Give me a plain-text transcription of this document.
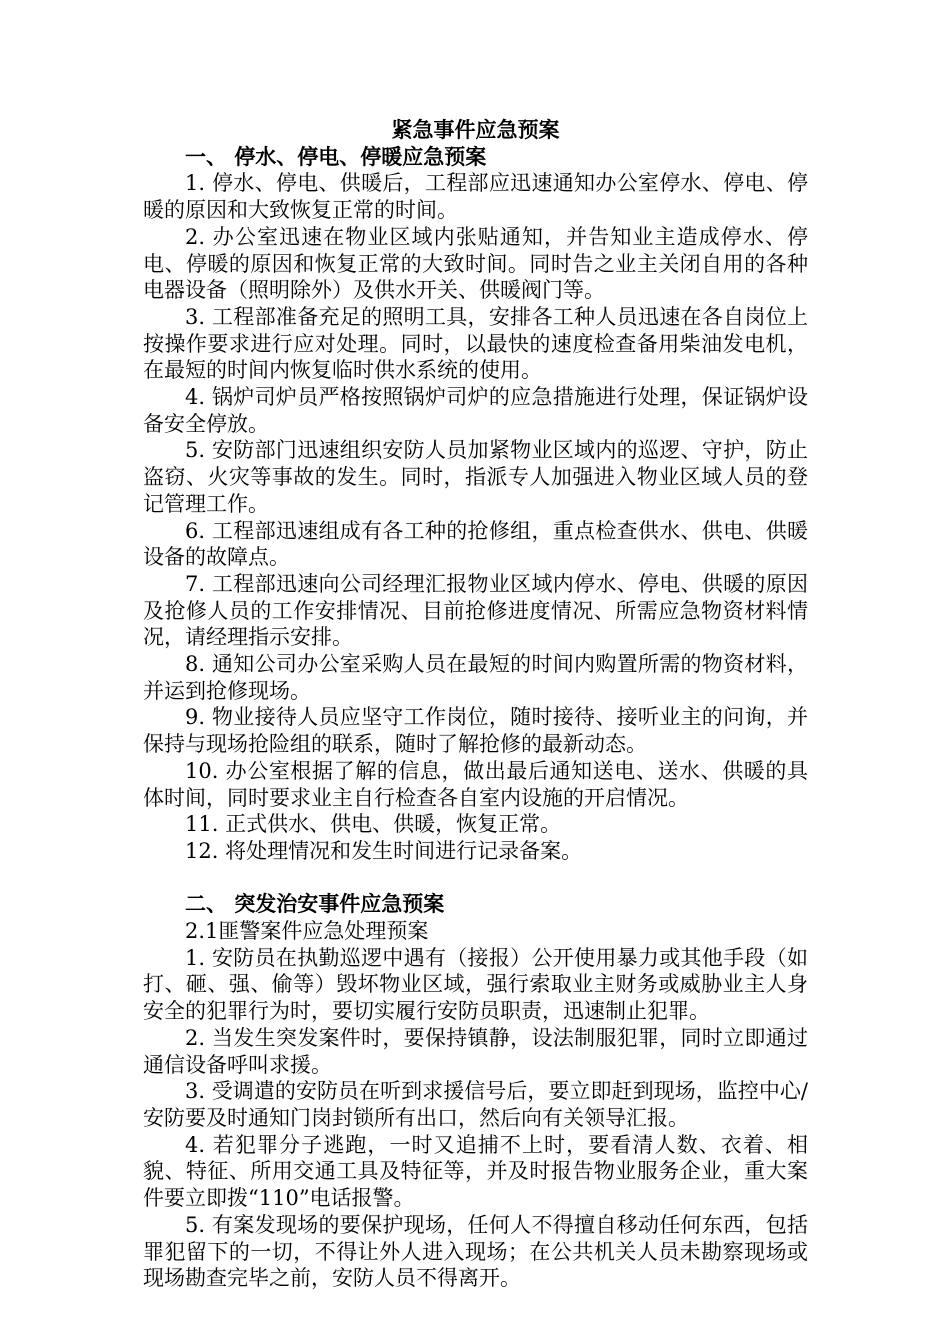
紧急事件应急预案

一、 停水、停电、停暖应急预案

1. 停水、停电、供暖后，工程部应迅速通知办公室停水、停电、停暖的原因和大致恢复正常的时间。

2. 办公室迅速在物业区域内张贴通知，并告知业主造成停水、停电、停暖的原因和恢复正常的大致时间。同时告之业主关闭自用的各种电器设备（照明除外）及供水开关、供暖阀门等。

3. 工程部准备充足的照明工具，安排各工种人员迅速在各自岗位上按操作要求进行应对处理。同时，以最快的速度检查备用柴油发电机，在最短的时间内恢复临时供水系统的使用。

4. 锅炉司炉员严格按照锅炉司炉的应急措施进行处理，保证锅炉设备安全停放。

5. 安防部门迅速组织安防人员加紧物业区域内的巡逻、守护，防止盗窃、火灾等事故的发生。同时，指派专人加强进入物业区域人员的登记管理工作。

6. 工程部迅速组成有各工种的抢修组，重点检查供水、供电、供暖设备的故障点。

7. 工程部迅速向公司经理汇报物业区域内停水、停电、供暖的原因及抢修人员的工作安排情况、目前抢修进度情况、所需应急物资材料情况，请经理指示安排。

8. 通知公司办公室采购人员在最短的时间内购置所需的物资材料，并运到抢修现场。

9. 物业接待人员应坚守工作岗位，随时接待、接听业主的问询，并保持与现场抢险组的联系，随时了解抢修的最新动态。

10. 办公室根据了解的信息，做出最后通知送电、送水、供暖的具体时间，同时要求业主自行检查各自室内设施的开启情况。

11. 正式供水、供电、供暖，恢复正常。

12. 将处理情况和发生时间进行记录备案。

二、 突发治安事件应急预案

2.1匪警案件应急处理预案

1. 安防员在执勤巡逻中遇有（接报）公开使用暴力或其他手段（如打、砸、强、偷等）毁坏物业区域，强行索取业主财务或威胁业主人身安全的犯罪行为时，要切实履行安防员职责，迅速制止犯罪。

2. 当发生突发案件时，要保持镇静，设法制服犯罪，同时立即通过通信设备呼叫求援。

3. 受调遣的安防员在听到求援信号后，要立即赶到现场，监控中心/安防要及时通知门岗封锁所有出口，然后向有关领导汇报。

4. 若犯罪分子逃跑，一时又追捕不上时，要看清人数、衣着、相貌、特征、所用交通工具及特征等，并及时报告物业服务企业，重大案件要立即拨“110”电话报警。

5. 有案发现场的要保护现场，任何人不得擅自移动任何东西，包括罪犯留下的一切，不得让外人进入现场；在公共机关人员未勘察现场或现场勘查完毕之前，安防人员不得离开。
